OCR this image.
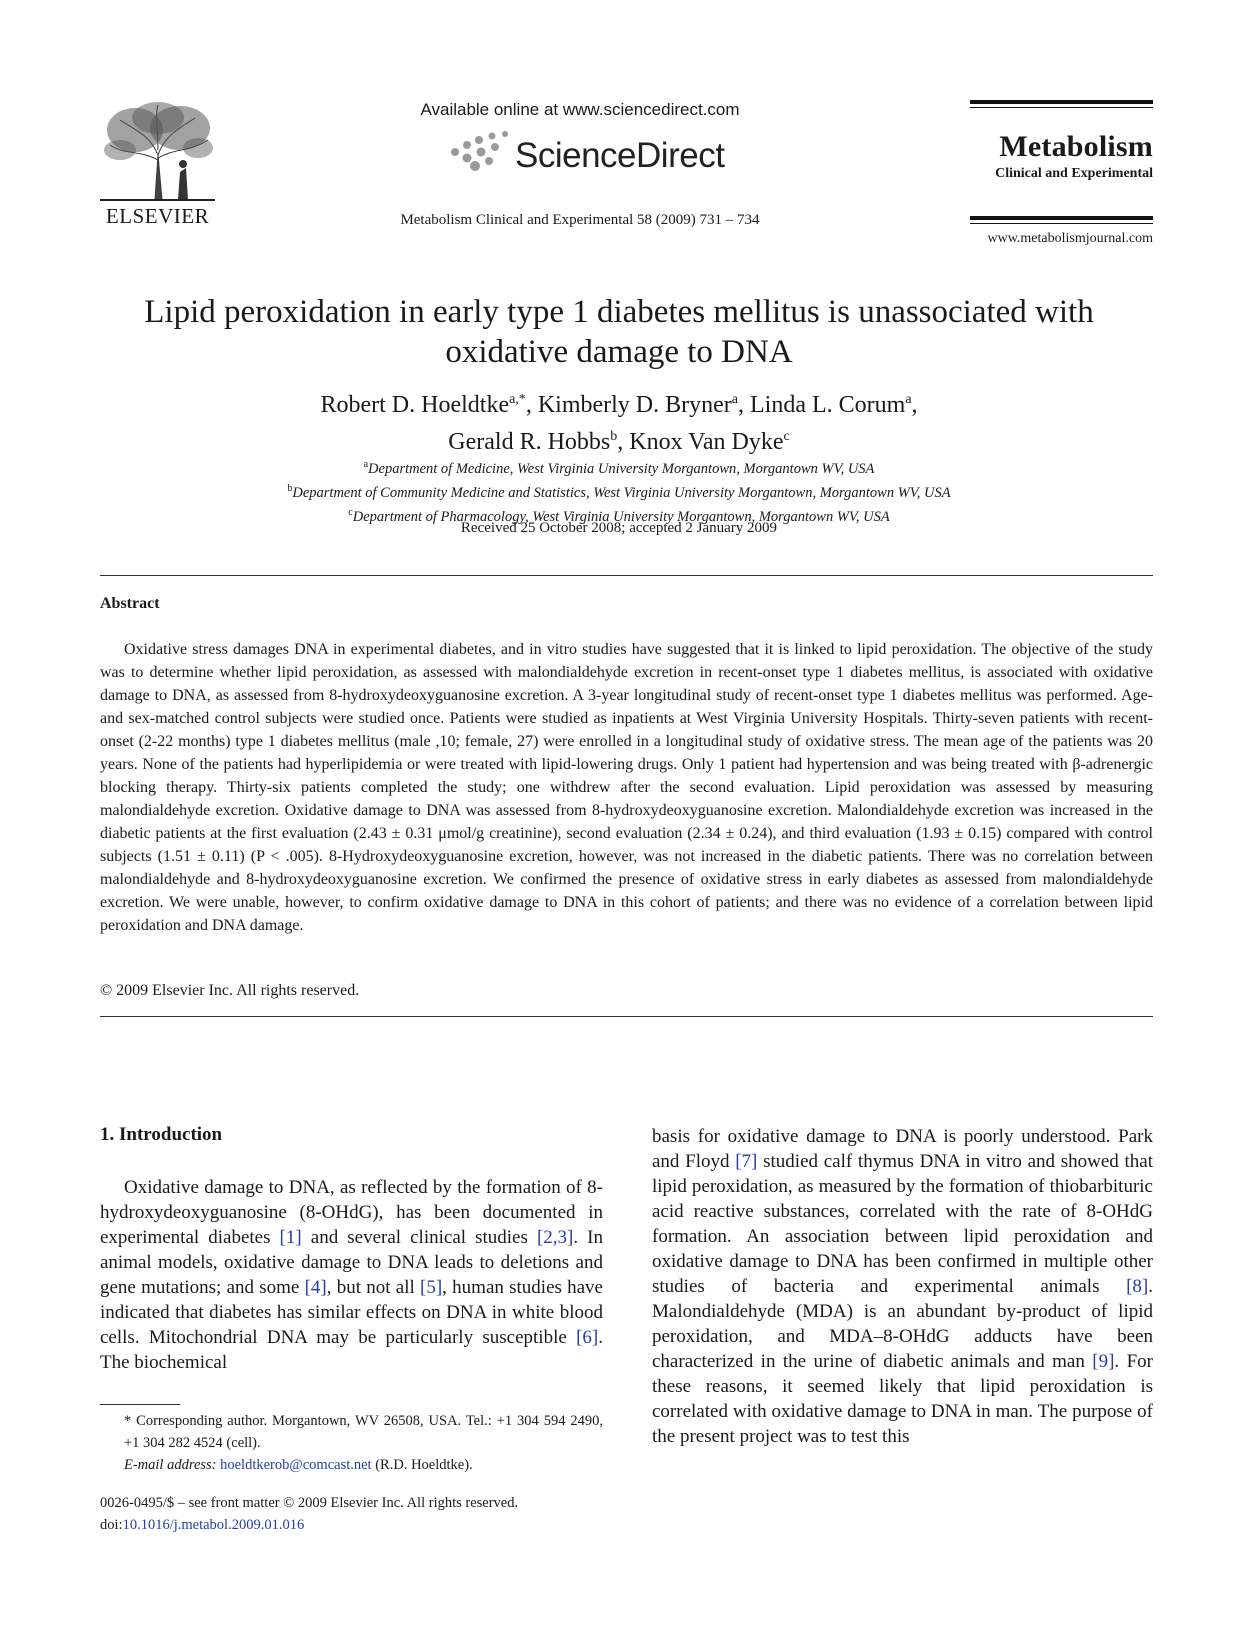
ELSEVIER
Available online at www.sciencedirect.com
ScienceDirect
Metabolism Clinical and Experimental 58 (2009) 731 – 734
Metabolism
Clinical and Experimental
www.metabolismjournal.com
Lipid peroxidation in early type 1 diabetes mellitus is unassociated with
oxidative damage to DNA
Robert D. Hoeldtke$^{a,*}$, Kimberly D. Bryner$^a$, Linda L. Corum$^a$,
Gerald R. Hobbs$^b$, Knox Van Dyke$^c$
$^a$Department of Medicine, West Virginia University Morgantown, Morgantown WV, USA
$^b$Department of Community Medicine and Statistics, West Virginia University Morgantown, Morgantown WV, USA
$^c$Department of Pharmacology, West Virginia University Morgantown, Morgantown WV, USA
Received 25 October 2008; accepted 2 January 2009
Abstract

Oxidative stress damages DNA in experimental diabetes, and in vitro studies have suggested that it is linked to lipid peroxidation. The objective of the study was to determine whether lipid peroxidation, as assessed with malondialdehyde excretion in recent-onset type 1 diabetes mellitus, is associated with oxidative damage to DNA, as assessed from 8-hydroxydeoxyguanosine excretion. A 3-year longitudinal study of recent-onset type 1 diabetes mellitus was performed. Age- and sex-matched control subjects were studied once. Patients were studied as inpatients at West Virginia University Hospitals. Thirty-seven patients with recent-onset (2-22 months) type 1 diabetes mellitus (male ,10; female, 27) were enrolled in a longitudinal study of oxidative stress. The mean age of the patients was 20 years. None of the patients had hyperlipidemia or were treated with lipid-lowering drugs. Only 1 patient had hypertension and was being treated with β-adrenergic blocking therapy. Thirty-six patients completed the study; one withdrew after the second evaluation. Lipid peroxidation was assessed by measuring malondialdehyde excretion. Oxidative damage to DNA was assessed from 8-hydroxydeoxyguanosine excretion. Malondialdehyde excretion was increased in the diabetic patients at the first evaluation (2.43 ± 0.31 μmol/g creatinine), second evaluation (2.34 ± 0.24), and third evaluation (1.93 ± 0.15) compared with control subjects (1.51 ± 0.11) (P < .005). 8-Hydroxydeoxyguanosine excretion, however, was not increased in the diabetic patients. There was no correlation between malondialdehyde and 8-hydroxydeoxyguanosine excretion. We confirmed the presence of oxidative stress in early diabetes as assessed from malondialdehyde excretion. We were unable, however, to confirm oxidative damage to DNA in this cohort of patients; and there was no evidence of a correlation between lipid peroxidation and DNA damage.

© 2009 Elsevier Inc. All rights reserved.
1. Introduction

Oxidative damage to DNA, as reflected by the formation of 8-hydroxydeoxyguanosine (8-OHdG), has been documented in experimental diabetes [1] and several clinical studies [2,3]. In animal models, oxidative damage to DNA leads to deletions and gene mutations; and some [4], but not all [5], human studies have indicated that diabetes has similar effects on DNA in white blood cells. Mitochondrial DNA may be particularly susceptible [6]. The biochemical

basis for oxidative damage to DNA is poorly understood. Park and Floyd [7] studied calf thymus DNA in vitro and showed that lipid peroxidation, as measured by the formation of thiobarbituric acid reactive substances, correlated with the rate of 8-OHdG formation. An association between lipid peroxidation and oxidative damage to DNA has been confirmed in multiple other studies of bacteria and experimental animals [8]. Malondialdehyde (MDA) is an abundant by-product of lipid peroxidation, and MDA–8-OHdG adducts have been characterized in the urine of diabetic animals and man [9]. For these reasons, it seemed likely that lipid peroxidation is correlated with oxidative damage to DNA in man. The purpose of the present project was to test this

* Corresponding author. Morgantown, WV 26508, USA. Tel.: +1 304 594 2490, +1 304 282 4524 (cell).
E-mail address: hoeldtkerob@comcast.net (R.D. Hoeldtke).
0026-0495/$ – see front matter © 2009 Elsevier Inc. All rights reserved.
doi:10.1016/j.metabol.2009.01.016
